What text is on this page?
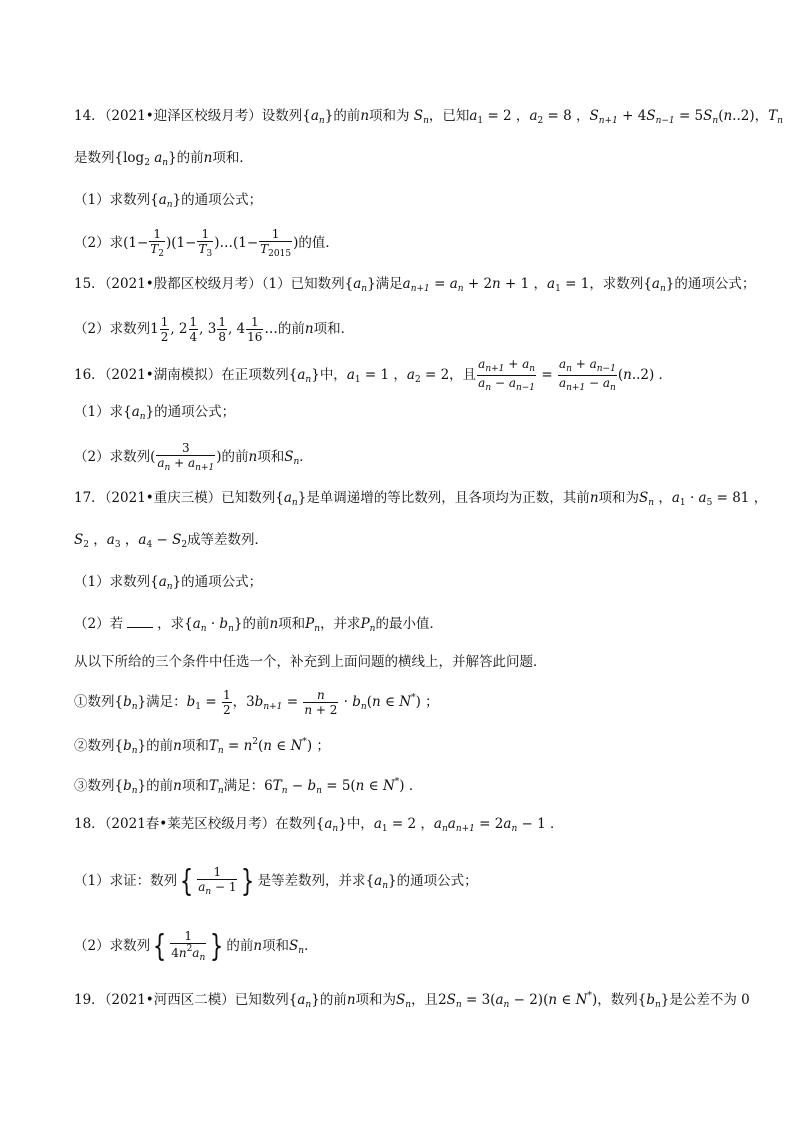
14．（2021•迎泽区校级月考）设数列$\{a_n\}$的前n项和为 $S_n$，已知$a_1 = 2$ ，$a_2 = 8$ ，$S_{n+1} + 4S_{n-1} = 5S_n(n..2)$，$T_n$
是数列{$\log_2$ $a_n$}的前n项和．
（1）求数列$\{a_n\}$的通项公式；
（2）求$(1- \frac{1}{T_2} )(1- \frac{1}{T_3}$ )…(1− $\frac{1}{T_{2015}}$ )的值．
15．（2021•殷都区校级月考）（1）已知数列$\{a_n\}$满足$a_{n+1} = a_n + 2n + 1$ ，$a_1 = 1$，求数列$\{a_n\}$的通项公式；
（2）求数列$1 \frac{1}{2}$ , $2 \frac{1}{4}$ , $3 \frac{1}{8}$ , $4 \frac{1}{16}$ …的前n项和．
16．（2021•湖南模拟）在正项数列$\{a_n\}$中，$a_1 = 1$ ，$a_2 = 2$，且 $\frac{a_{n+1} + a_n}{a_n - a_{n-1}} = \frac{a_n + a_{n-1}}{a_{n+1} - a_n} (n..2)$ ．
（1）求$\{a_n\}$的通项公式；
（2）求数列( $\frac{3}{a_n + a_{n+1}}$ )的前n项和$S_n$．
17．（2021•重庆三模）已知数列$\{a_n\}$是单调递增的等比数列，且各项均为正数，其前n项和为$S_n$ ，$a_1 \cdot a_5 = 81$ ，
$S_2$ ，$a_3$ ，$a_4 - S_2$成等差数列．
（1）求数列$\{a_n\}$的通项公式；
（2）若	，求$\{a_n \cdot b_n\}$的前n项和$P_n$，并求$P_n$的最小值．
从以下所给的三个条件中任选一个，补充到上面问题的横线上，并解答此问题．
①数列$\{b_n\}$满足：$b_1 = \frac{1}{2}$ ，$3b_{n+1} = \frac{n}{n + 2} \cdot b_n(n$ ∈ N*) ；
②数列$\{b_n\}$的前n项和$T_n = n^2(n$ ∈ N*) ；
③数列$\{b_n\}$的前n项和$T_n$满足：$6T_n - b_n = 5(n$ ∈ N*) ．
18．（2021春•莱芜区校级月考）在数列$\{a_n\}$中，$a_1 = 2$ ，$a_na_{n+1} = 2a_n - 1$ ．
（1）求证：数列{ $\frac{1}{a_n - 1}$ } 是等差数列，并求$\{a_n\}$的通项公式；
（2）求数列{ $\frac{1}{4n^2a_n}$ } 的前n项和$S_n$．
19．（2021•河西区二模）已知数列$\{a_n\}$的前n项和为$S_n$，且$2S_n = 3(a_n - 2)(n$ ∈ N*)，数列$\{b_n\}$是公差不为 0
